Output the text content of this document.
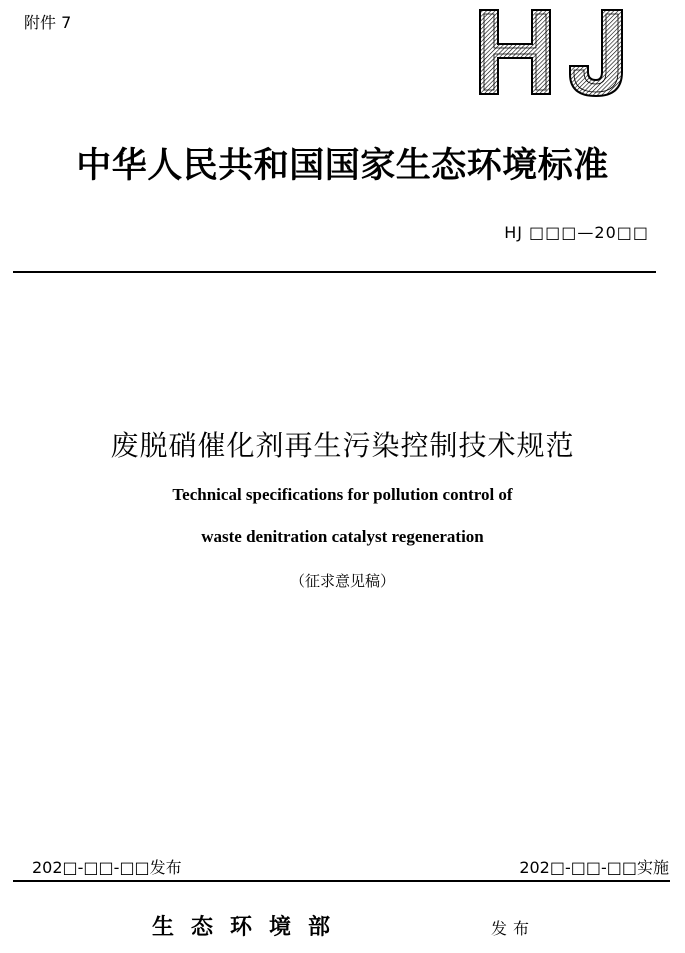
附件 7
中华人民共和国国家生态环境标准
HJ □□□—20□□
废脱硝催化剂再生污染控制技术规范
Technical specifications for pollution control of
waste denitration catalyst regeneration
（征求意见稿）
202□-□□-□□发布	202□-□□-□□实施
生态环境部	发布
